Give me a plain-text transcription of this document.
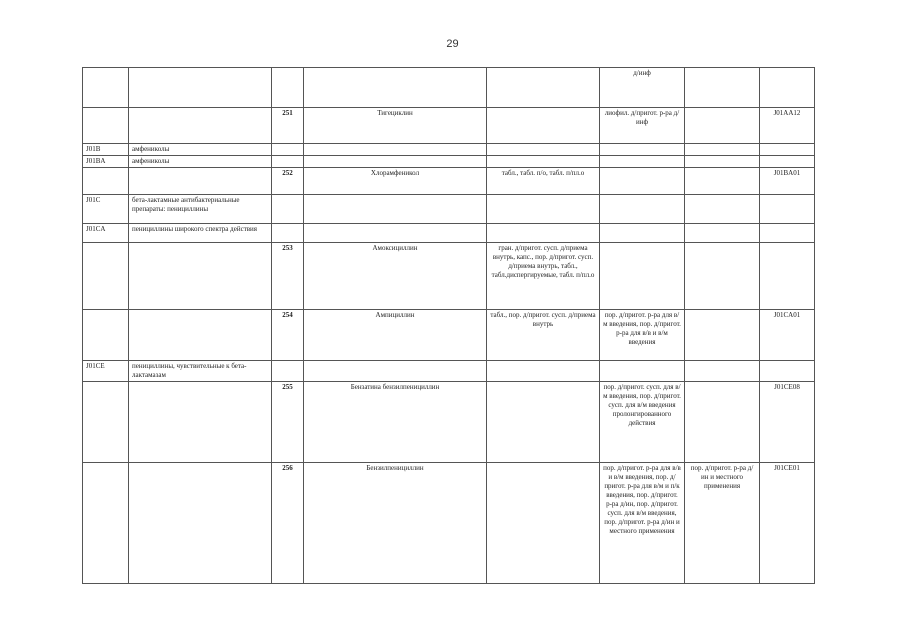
29
					д/инф		
		251	Тигециклин		лиофил. д/пригот. р-ра д/инф		J01AA12
J01B	амфениколы						
J01BA	амфениколы						
		252	Хлорамфеникол	табл., табл. п/о, табл. п/пл.о			J01BA01
J01C	бета-лактамные антибактериальные препараты: пенициллины						
J01CA	пенициллины широкого спектра действия						
		253	Амоксициллин	гран. д/пригот. сусп. д/приема внутрь, капс., пор. д/пригот. сусп. д/приема внутрь, табл., табл.диспергируемые, табл. п/пл.о			
		254	Ампициллин	табл., пор. д/пригот. сусп. д/приема внутрь	пор. д/пригот. р-ра для в/м введения, пор. д/пригот. р-ра для в/в и в/м введения		J01CA01
J01CE	пенициллины, чувствительные к бета-лактамазам						
		255	Бензатина бензилпенициллин		пор. д/пригот. сусп. для в/м введения, пор. д/пригот. сусп. для в/м введения пролонгированного действия		J01CE08
		256	Бензилпенициллин		пор. д/пригот. р-ра для в/в и в/м введения, пор. д/пригот. р-ра для в/м и п/к введения, пор. д/пригот. р-ра д/ин, пор. д/пригот. сусп. для в/м введения, пор. д/пригот. р-ра д/ин и местного применения	пор. д/пригот. р-ра д/ин и местного применения	J01CE01
